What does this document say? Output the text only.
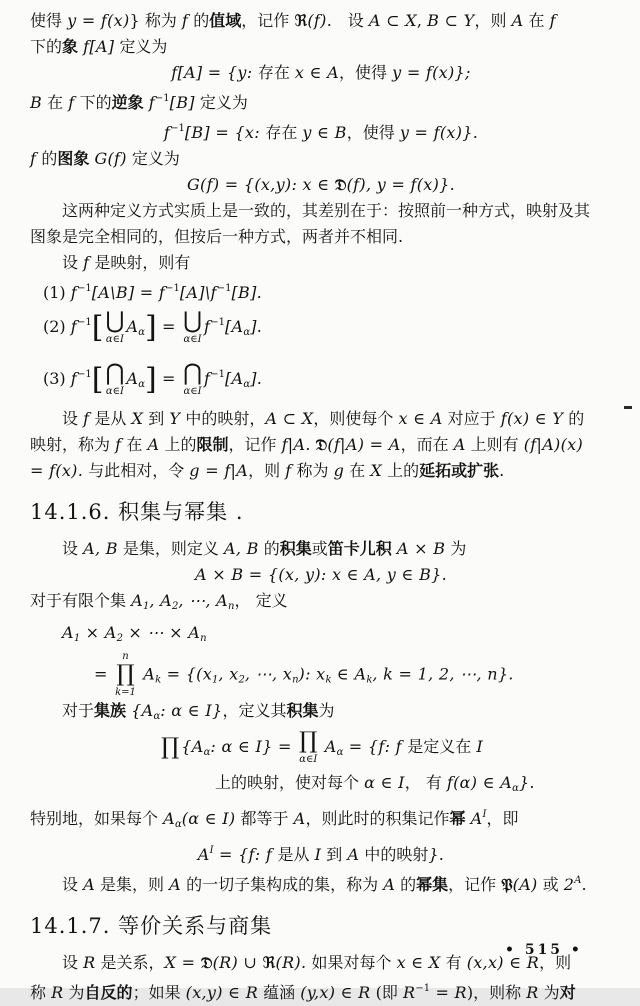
使得 y = f(x)} 称为 f 的值域，记作 ℜ(f).　设 A ⊂ X, B ⊂ Y，则 A 在 f
下的象 f[A] 定义为
f[A] = {y: 存在 x ∈ A，使得 y = f(x)};
B 在 f 下的逆象 $f^{-1}[B]$ 定义为
$f^{-1}[B] = \{x$: 存在 y ∈ B，使得 y = f(x)}.
f 的图象 G(f) 定义为
G(f) = {(x,y): x ∈ 𝔇(f), y = f(x)}.
这两种定义方式实质上是一致的，其差别在于：按照前一种方式，映射及其
图象是完全相同的，但按后一种方式，两者并不相同.
设 f 是映射，则有
(1) $f^{-1}[A\backslash B]$ = $f^{-1}[A]\backslash f^{-1}[B]$.
(2) $f^{-1}$[ ⋃
α∈I
Aα] = ⋃
α∈I
$f^{-1}[A\alpha]$.
(3) $f^{-1}$[ ⋂
α∈I
Aα] = ⋂
α∈I
$f^{-1}[A\alpha]$.
设 f 是从 X 到 Y 中的映射，A ⊂ X，则使每个 x ∈ A 对应于 f(x) ∈ Y 的
映射，称为 f 在 A 上的限制，记作 f|A. 𝔇(f|A) = A，而在 A 上则有 (f|A)(x)
= f(x). 与此相对，令 g = f|A，则 f 称为 g 在 X 上的延拓或扩张.
14.1.6. 积集与幂集 .
设 A, B 是集，则定义 A, B 的积集或笛卡儿积 A × B 为
A × B = {(x, y): x ∈ A, y ∈ B}.
对于有限个集 A1, A2, ⋯, An， 定义
A1 × A2 × ⋯ × An
=
n
∏
k=1
Ak = {(x1, x2, ⋯, xn): xk ∈ Ak, k = 1, 2, ⋯, n}.
对于集族 {Aα: α ∈ I}，定义其积集为
∏ {Aα: α ∈ I} = ∏
α∈I
Aα = {f: f 是定义在 I
上的映射，使对每个 α ∈ I， 有 f(α) ∈ Aα}.
特别地，如果每个 Aα(α ∈ I) 都等于 A，则此时的积集记作幂 $A^I$，即
$A^I = \{f$: f 是从 I 到 A 中的映射}.
设 A 是集，则 A 的一切子集构成的集，称为 A 的幂集，记作 𝔓(A) 或 $2^A$.
14.1.7. 等价关系与商集
设 R 是关系，X = 𝔇(R) ∪ ℜ(R). 如果对每个 x ∈ X 有 (x,x) ∈ R，则
称 R 为自反的；如果 (x,y) ∈ R 蕴涵 (y,x) ∈ R (即 $R^{-1} = R$)，则称 R 为对
• 515 •
